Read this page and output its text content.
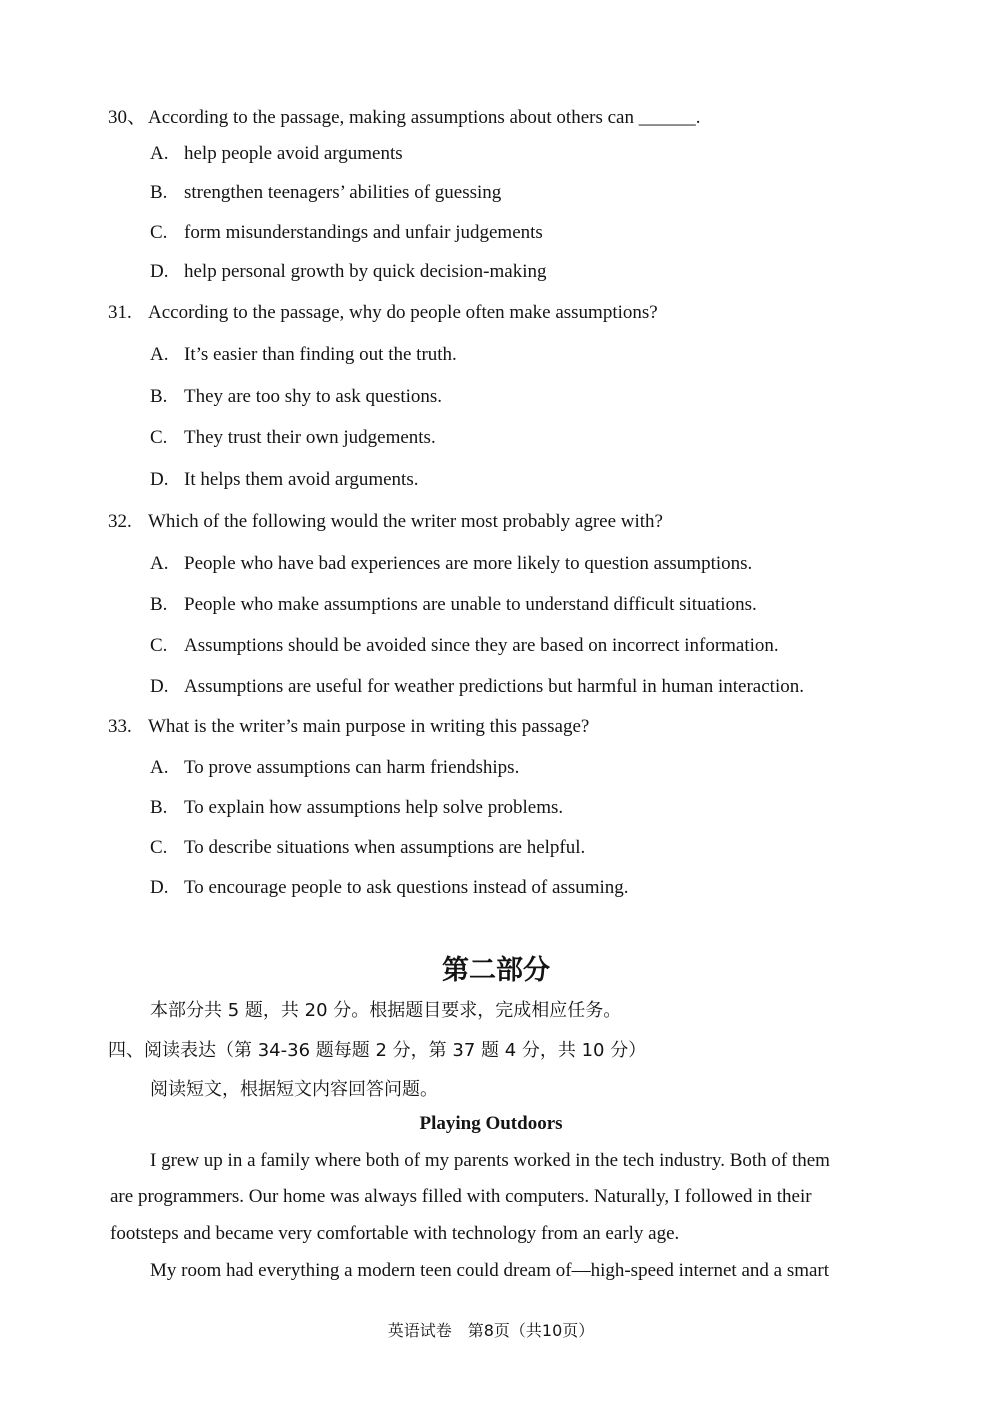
30、 According to the passage, making assumptions about others can ______.
A. help people avoid arguments
B. strengthen teenagers’ abilities of guessing
C. form misunderstandings and unfair judgements
D. help personal growth by quick decision-making
31. According to the passage, why do people often make assumptions?
A. It’s easier than finding out the truth.
B. They are too shy to ask questions.
C. They trust their own judgements.
D. It helps them avoid arguments.
32. Which of the following would the writer most probably agree with?
A. People who have bad experiences are more likely to question assumptions.
B. People who make assumptions are unable to understand difficult situations.
C. Assumptions should be avoided since they are based on incorrect information.
D. Assumptions are useful for weather predictions but harmful in human interaction.
33. What is the writer’s main purpose in writing this passage?
A. To prove assumptions can harm friendships.
B. To explain how assumptions help solve problems.
C. To describe situations when assumptions are helpful.
D. To encourage people to ask questions instead of assuming.
第二部分
本部分共 5 题，共 20 分。根据题目要求，完成相应任务。
四、阅读表达（第 34-36 题每题 2 分，第 37 题 4 分，共 10 分）
阅读短文，根据短文内容回答问题。
Playing Outdoors
I grew up in a family where both of my parents worked in the tech industry. Both of them
are programmers. Our home was always filled with computers. Naturally, I followed in their
footsteps and became very comfortable with technology from an early age.
My room had everything a modern teen could dream of—high-speed internet and a smart
英语试卷　第8页（共10页）
